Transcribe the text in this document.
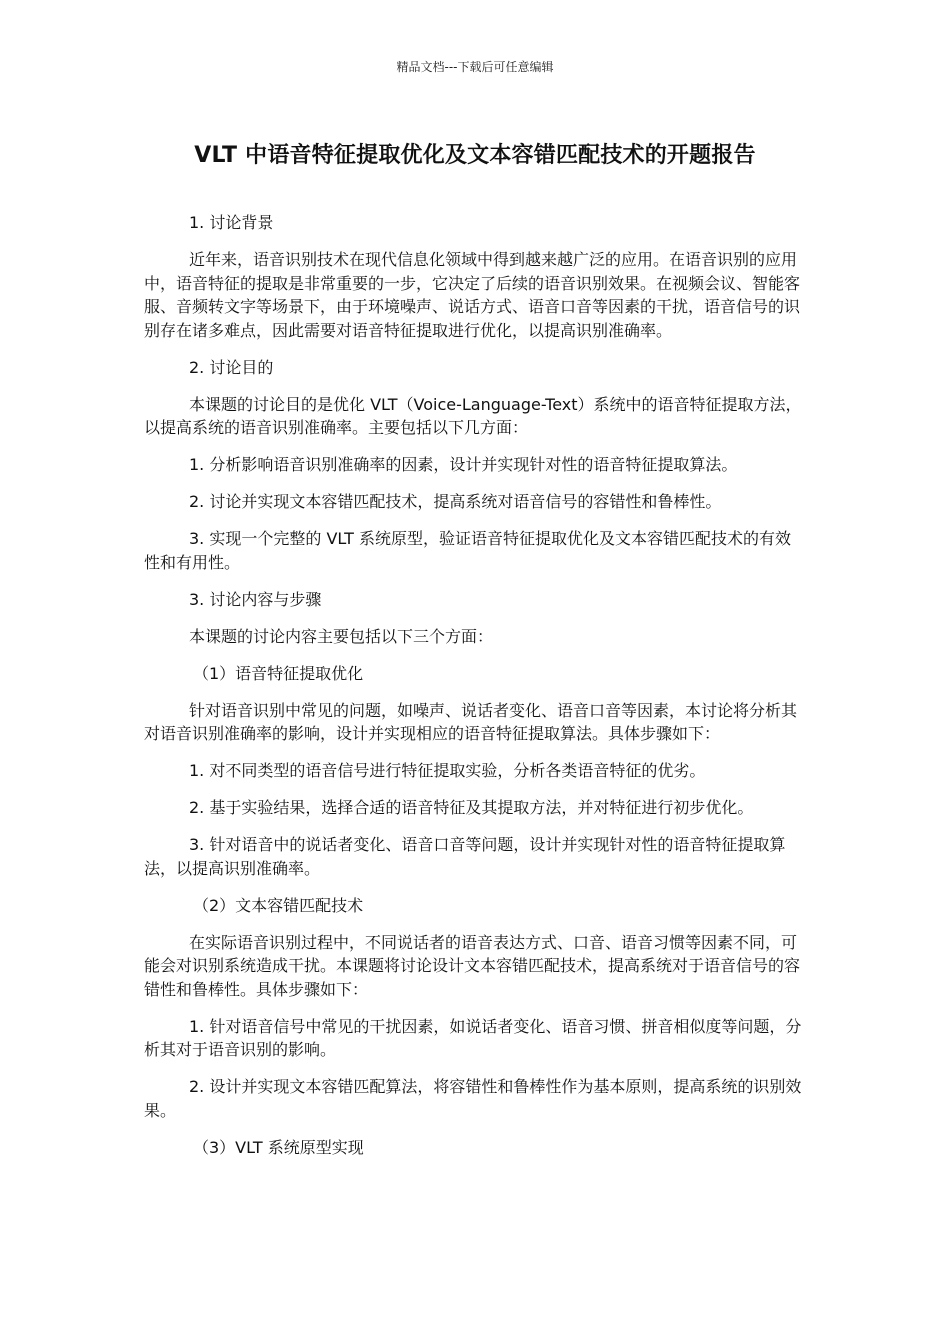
精品文档---下载后可任意编辑
VLT 中语音特征提取优化及文本容错匹配技术的开题报告

1. 讨论背景

近年来，语音识别技术在现代信息化领域中得到越来越广泛的应用。在语音识别的应用中，语音特征的提取是非常重要的一步，它决定了后续的语音识别效果。在视频会议、智能客服、音频转文字等场景下，由于环境噪声、说话方式、语音口音等因素的干扰，语音信号的识别存在诸多难点，因此需要对语音特征提取进行优化，以提高识别准确率。

2. 讨论目的

本课题的讨论目的是优化 VLT（Voice-Language-Text）系统中的语音特征提取方法，以提高系统的语音识别准确率。主要包括以下几方面：

1. 分析影响语音识别准确率的因素，设计并实现针对性的语音特征提取算法。

2. 讨论并实现文本容错匹配技术，提高系统对语音信号的容错性和鲁棒性。

3. 实现一个完整的 VLT 系统原型，验证语音特征提取优化及文本容错匹配技术的有效性和有用性。

3. 讨论内容与步骤

本课题的讨论内容主要包括以下三个方面：

（1）语音特征提取优化

针对语音识别中常见的问题，如噪声、说话者变化、语音口音等因素，本讨论将分析其对语音识别准确率的影响，设计并实现相应的语音特征提取算法。具体步骤如下：

1. 对不同类型的语音信号进行特征提取实验，分析各类语音特征的优劣。

2. 基于实验结果，选择合适的语音特征及其提取方法，并对特征进行初步优化。

3. 针对语音中的说话者变化、语音口音等问题，设计并实现针对性的语音特征提取算法，以提高识别准确率。

（2）文本容错匹配技术

在实际语音识别过程中，不同说话者的语音表达方式、口音、语音习惯等因素不同，可能会对识别系统造成干扰。本课题将讨论设计文本容错匹配技术，提高系统对于语音信号的容错性和鲁棒性。具体步骤如下：

1. 针对语音信号中常见的干扰因素，如说话者变化、语音习惯、拼音相似度等问题，分析其对于语音识别的影响。

2. 设计并实现文本容错匹配算法，将容错性和鲁棒性作为基本原则，提高系统的识别效果。

（3）VLT 系统原型实现
